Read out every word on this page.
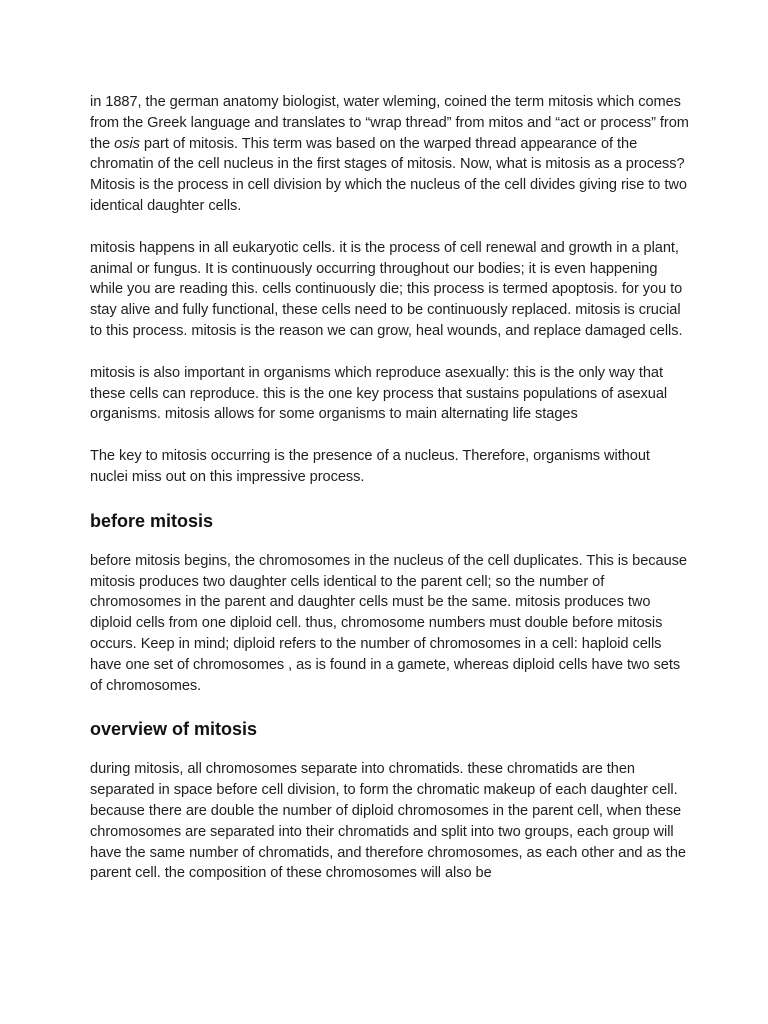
in 1887, the german anatomy biologist, water wleming, coined the term mitosis which comes from the Greek language and translates to “wrap thread” from mitos and “act or process” from the osis part of mitosis. This term was based on the warped thread appearance of the chromatin of the cell nucleus in the first stages of mitosis. Now, what is mitosis as a process? Mitosis is the process in cell division by which the nucleus of the cell divides giving rise to two identical daughter cells.

mitosis happens in all eukaryotic cells. it is the process of cell renewal and growth in a plant, animal or fungus. It is continuously occurring throughout our bodies; it is even happening while you are reading this. cells continuously die; this process is termed apoptosis. for you to stay alive and fully functional, these cells need to be continuously replaced. mitosis is crucial to this process. mitosis is the reason we can grow, heal wounds, and replace damaged cells.

mitosis is also important in organisms which reproduce asexually: this is the only way that these cells can reproduce. this is the one key process that sustains populations of asexual organisms. mitosis allows for some organisms to main alternating life stages

The key to mitosis occurring is the presence of a nucleus. Therefore, organisms without nuclei miss out on this impressive process.

before mitosis

before mitosis begins, the chromosomes in the nucleus of the cell duplicates. This is because mitosis produces two daughter cells identical to the parent cell; so the number of chromosomes in the parent and daughter cells must be the same. mitosis produces two diploid cells from one diploid cell. thus, chromosome numbers must double before mitosis occurs. Keep in mind; diploid refers to the number of chromosomes in a cell: haploid cells have one set of chromosomes , as is found in a gamete, whereas diploid cells have two sets of chromosomes.

overview of mitosis

during mitosis, all chromosomes separate into chromatids. these chromatids are then separated in space before cell division, to form the chromatic makeup of each daughter cell. because there are double the number of diploid chromosomes in the parent cell, when these chromosomes are separated into their chromatids and split into two groups, each group will have the same number of chromatids, and therefore chromosomes, as each other and as the parent cell. the composition of these chromosomes will also be
